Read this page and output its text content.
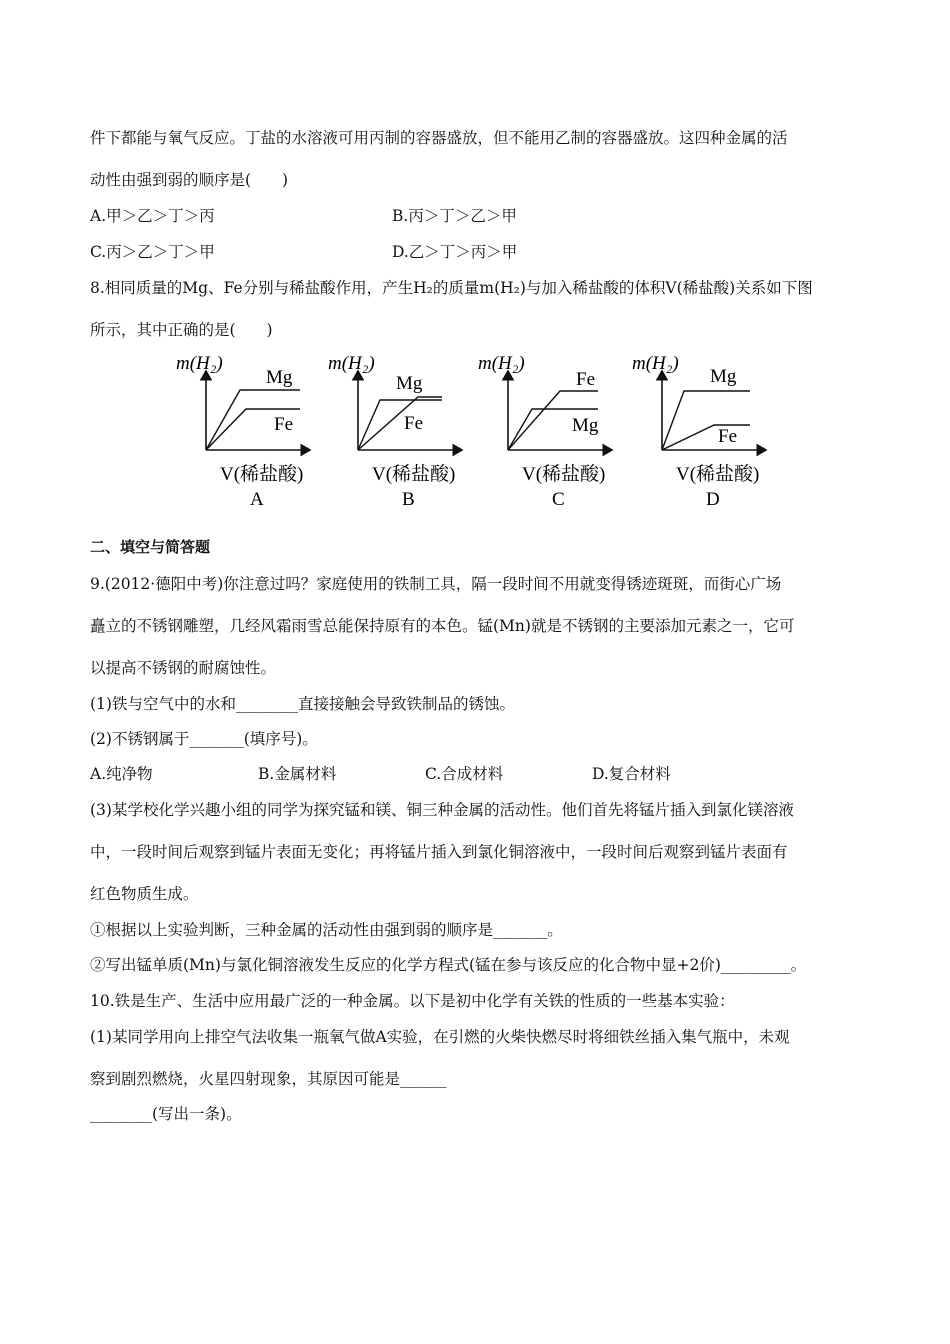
件下都能与氧气反应。丁盐的水溶液可用丙制的容器盛放，但不能用乙制的容器盛放。这四种金属的活
动性由强到弱的顺序是(　　)
A.甲＞乙＞丁＞丙	B.丙＞丁＞乙＞甲
C.丙＞乙＞丁＞甲	D.乙＞丁＞丙＞甲
8.相同质量的Mg、Fe分别与稀盐酸作用，产生H₂的质量m(H₂)与加入稀盐酸的体积V(稀盐酸)关系如下图
所示，其中正确的是(　　)
m(H₂)
Mg
Fe
V(稀盐酸)
A
m(H₂)
Mg
Fe
V(稀盐酸)
B
m(H₂)
Fe
Mg
V(稀盐酸)
C
m(H₂)
Mg
Fe
V(稀盐酸)
D
二、填空与简答题
9.(2012·德阳中考)你注意过吗？家庭使用的铁制工具，隔一段时间不用就变得锈迹斑斑，而街心广场
矗立的不锈钢雕塑，几经风霜雨雪总能保持原有的本色。锰(Mn)就是不锈钢的主要添加元素之一，它可
以提高不锈钢的耐腐蚀性。
(1)铁与空气中的水和________直接接触会导致铁制品的锈蚀。
(2)不锈钢属于_______(填序号)。
A.纯净物	B.金属材料	C.合成材料	D.复合材料
(3)某学校化学兴趣小组的同学为探究锰和镁、铜三种金属的活动性。他们首先将锰片插入到氯化镁溶液
中，一段时间后观察到锰片表面无变化；再将锰片插入到氯化铜溶液中，一段时间后观察到锰片表面有
红色物质生成。
①根据以上实验判断，三种金属的活动性由强到弱的顺序是_______。
②写出锰单质(Mn)与氯化铜溶液发生反应的化学方程式(锰在参与该反应的化合物中显+2价)_________。
10.铁是生产、生活中应用最广泛的一种金属。以下是初中化学有关铁的性质的一些基本实验：
(1)某同学用向上排空气法收集一瓶氧气做A实验，在引燃的火柴快燃尽时将细铁丝插入集气瓶中，未观
察到剧烈燃烧，火星四射现象，其原因可能是______
________(写出一条)。
